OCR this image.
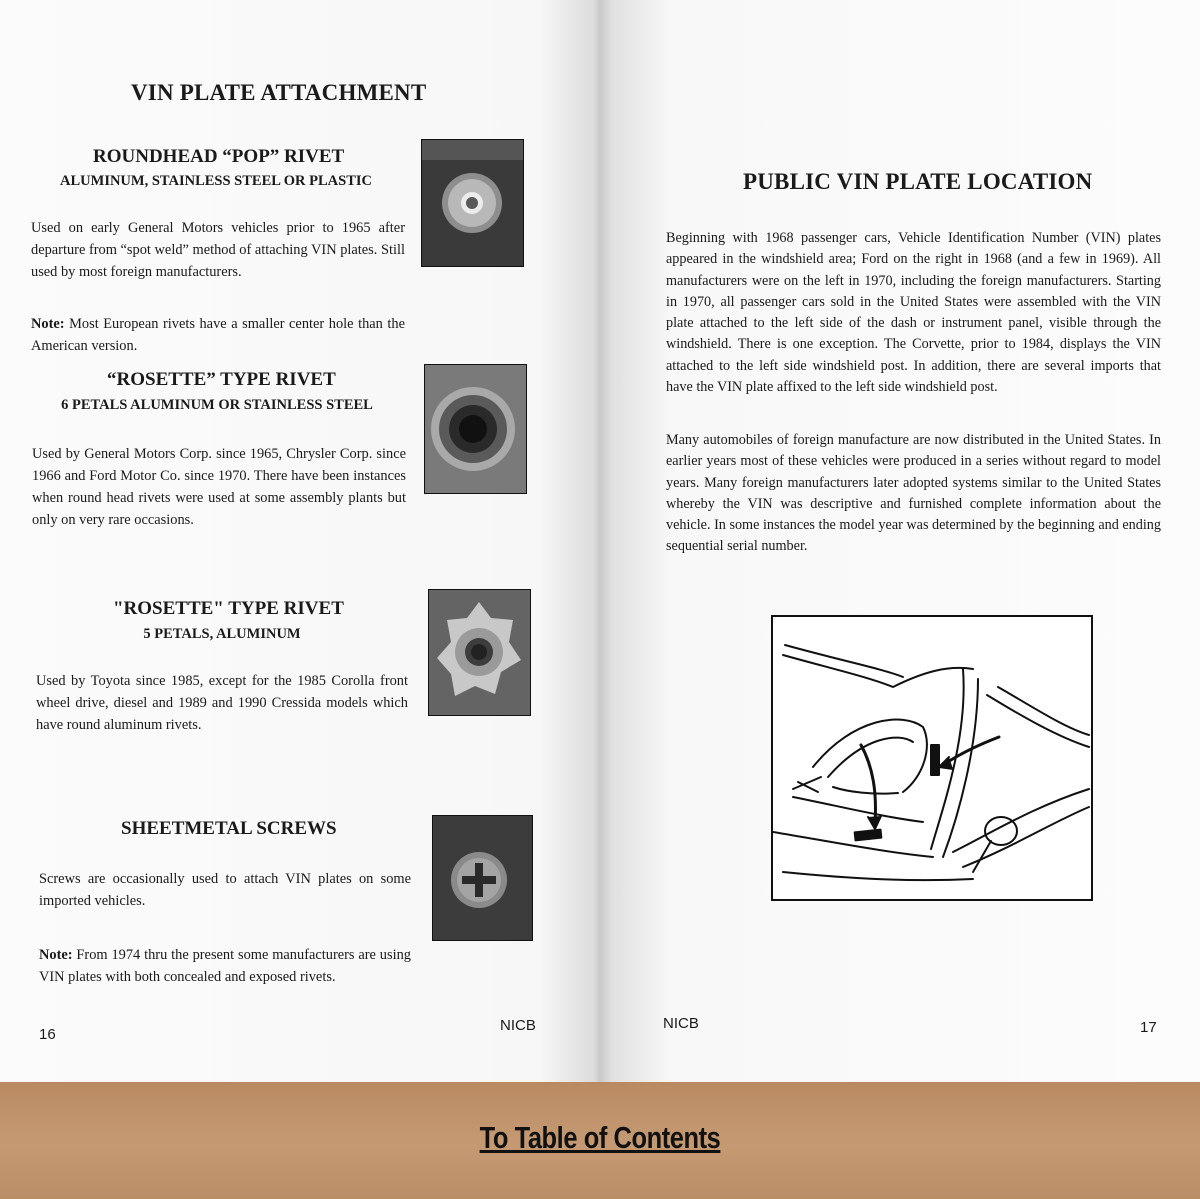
VIN PLATE ATTACHMENT
ROUNDHEAD “POP” RIVET
ALUMINUM, STAINLESS STEEL OR PLASTIC
Used on early General Motors vehicles prior to 1965 after departure from “spot weld” method of attaching VIN plates. Still used by most foreign manufacturers.
Note: Most European rivets have a smaller center hole than the American version.
“ROSETTE” TYPE RIVET
6 PETALS ALUMINUM OR STAINLESS STEEL
Used by General Motors Corp. since 1965, Chrysler Corp. since 1966 and Ford Motor Co. since 1970. There have been instances when round head rivets were used at some assembly plants but only on very rare occasions.
"ROSETTE" TYPE RIVET
5 PETALS, ALUMINUM
Used by Toyota since 1985, except for the 1985 Corolla front wheel drive, diesel and 1989 and 1990 Cressida models which have round aluminum rivets.
SHEETMETAL SCREWS
Screws are occasionally used to attach VIN plates on some imported vehicles.
Note: From 1974 thru the present some manufacturers are using VIN plates with both concealed and exposed rivets.
16
NICB
PUBLIC VIN PLATE LOCATION
Beginning with 1968 passenger cars, Vehicle Identification Number (VIN) plates appeared in the windshield area; Ford on the right in 1968 (and a few in 1969). All manufacturers were on the left in 1970, including the foreign manufacturers. Starting in 1970, all passenger cars sold in the United States were assembled with the VIN plate attached to the left side of the dash or instrument panel, visible through the windshield. There is one exception. The Corvette, prior to 1984, displays the VIN attached to the left side windshield post. In addition, there are several imports that have the VIN plate affixed to the left side windshield post.
Many automobiles of foreign manufacture are now distributed in the United States. In earlier years most of these vehicles were produced in a series without regard to model years. Many foreign manufacturers later adopted systems similar to the United States whereby the VIN was descriptive and furnished complete information about the vehicle. In some instances the model year was determined by the beginning and ending sequential serial number.
NICB	17
To Table of Contents
